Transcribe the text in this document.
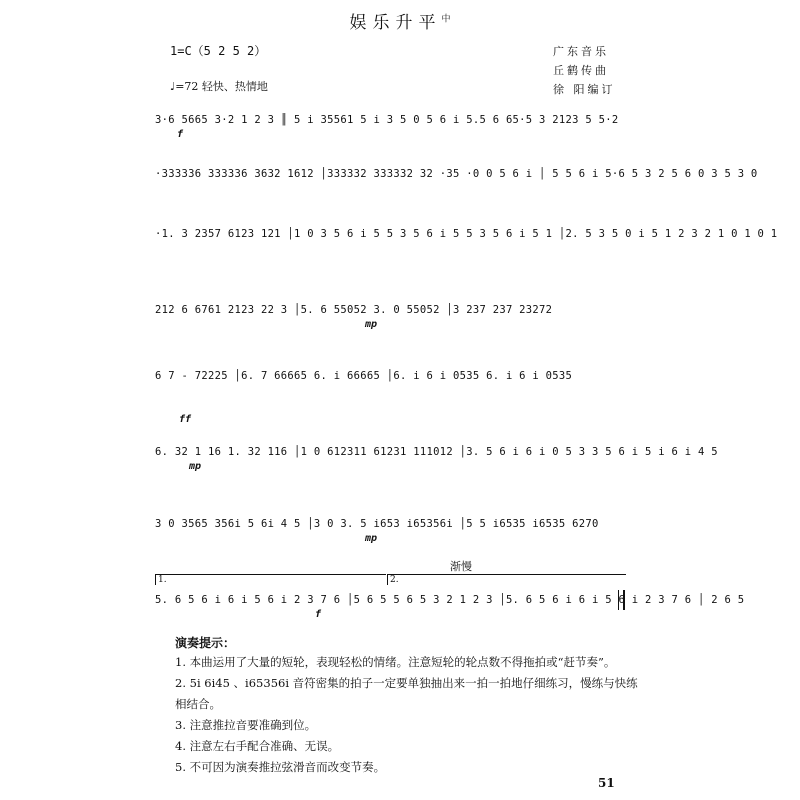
娱乐升平$^中$
1=C（5 2 5 2）
♩=72 轻快、热情地
广东音乐
丘鹤传曲
徐 阳编订

3·6 5665 3·2 1 2 3 ║ 5 i 35561 5 i 3 5 0 5 6 i 5.5 6 65·5 3 2123 5 5·2

f

·333336 333336 3632 1612 │333332 333332 32 ·35 ·0 0 5 6 i │ 5 5 6 i 5·6 5 3 2 5 6 0 3 5 3 0

·1. 3 2357 6123 121 │1 0 3 5 6 i 5 5 3 5 6 i 5 5 3 5 6 i 5 1 │2. 5 3 5 0 i 5 1 2 3 2 1 0 1 0 1

212 6 6761 2123 22 3 │5. 6 55052 3. 0 55052 │3 237 237 23272

mp

6 7 - 72225 │6. 7 66665 6. i 66665 │6. i 6 i 0535 6. i 6 i 0535

ff

6. 32 1 16 1. 32 116 │1 0 612311 61231 111012 │3. 5 6 i 6 i 0 5 3 3 5 6 i 5 i 6 i 4 5

mp

3 0 3565 356i 5 6i 4 5 │3 0 3. 5 i653 i65356i │5 5 i6535 i6535 6270

mp

渐慢
1.	2.

5. 6 5 6 i 6 i 5 6 i 2 3 7 6 │5 6 5 5 6 5 3 2 1 2 3 │5. 6 5 6 i 6 i 5 6 i 2 3 7 6 │ 2 6 5

f

演奏提示：
1. 本曲运用了大量的短轮，表现轻松的情绪。注意短轮的轮点数不得拖拍或“赶节奏”。
2. 5i 6i45 、i65356i 音符密集的拍子一定要单独抽出来一拍一拍地仔细练习，慢练与快练
相结合。
3. 注意推拉音要准确到位。
4. 注意左右手配合准确、无误。
5. 不可因为演奏推拉弦滑音而改变节奏。
51
